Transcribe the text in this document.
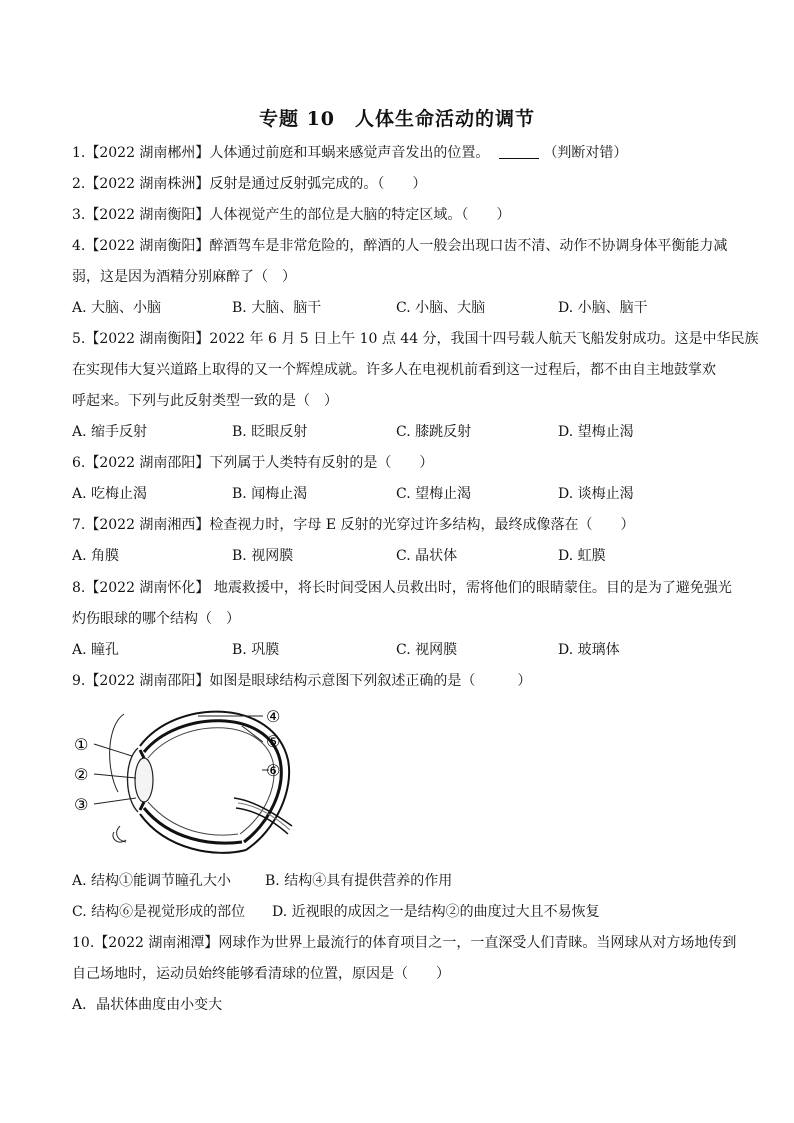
专题 10　人体生命活动的调节
1.【2022 湖南郴州】人体通过前庭和耳蜗来感觉声音发出的位置。	（判断对错）
2.【2022 湖南株洲】反射是通过反射弧完成的。（　　）
3.【2022 湖南衡阳】人体视觉产生的部位是大脑的特定区域。（　　）
4.【2022 湖南衡阳】醉酒驾车是非常危险的，醉酒的人一般会出现口齿不清、动作不协调身体平衡能力减
弱，这是因为酒精分别麻醉了（　）
A. 大脑、小脑	B. 大脑、脑干	C. 小脑、大脑	D. 小脑、脑干
5.【2022 湖南衡阳】2022 年 6 月 5 日上午 10 点 44 分，我国十四号载人航天飞船发射成功。这是中华民族
在实现伟大复兴道路上取得的又一个辉煌成就。许多人在电视机前看到这一过程后，都不由自主地鼓掌欢
呼起来。下列与此反射类型一致的是（　）
A. 缩手反射	B. 眨眼反射	C. 膝跳反射	D. 望梅止渴
6.【2022 湖南邵阳】下列属于人类特有反射的是（　　）
A. 吃梅止渴	B. 闻梅止渴	C. 望梅止渴	D. 谈梅止渴
7.【2022 湖南湘西】检查视力时，字母 E 反射的光穿过许多结构，最终成像落在（　　）
A. 角膜	B. 视网膜	C. 晶状体	D. 虹膜
8.【2022 湖南怀化】 地震救援中，将长时间受困人员救出时，需将他们的眼睛蒙住。目的是为了避免强光
灼伤眼球的哪个结构（　）
A. 瞳孔	B. 巩膜	C. 视网膜	D. 玻璃体
9.【2022 湖南邵阳】如图是眼球结构示意图下列叙述正确的是（　　　）
①
②
③
④
⑤
⑥
A. 结构①能调节瞳孔大小 B. 结构④具有提供营养的作用
C. 结构⑥是视觉形成的部位 D. 近视眼的成因之一是结构②的曲度过大且不易恢复
10.【2022 湖南湘潭】网球作为世界上最流行的体育项目之一，一直深受人们青睐。当网球从对方场地传到
自己场地时，运动员始终能够看清球的位置，原因是（　　）
A．晶状体曲度由小变大
